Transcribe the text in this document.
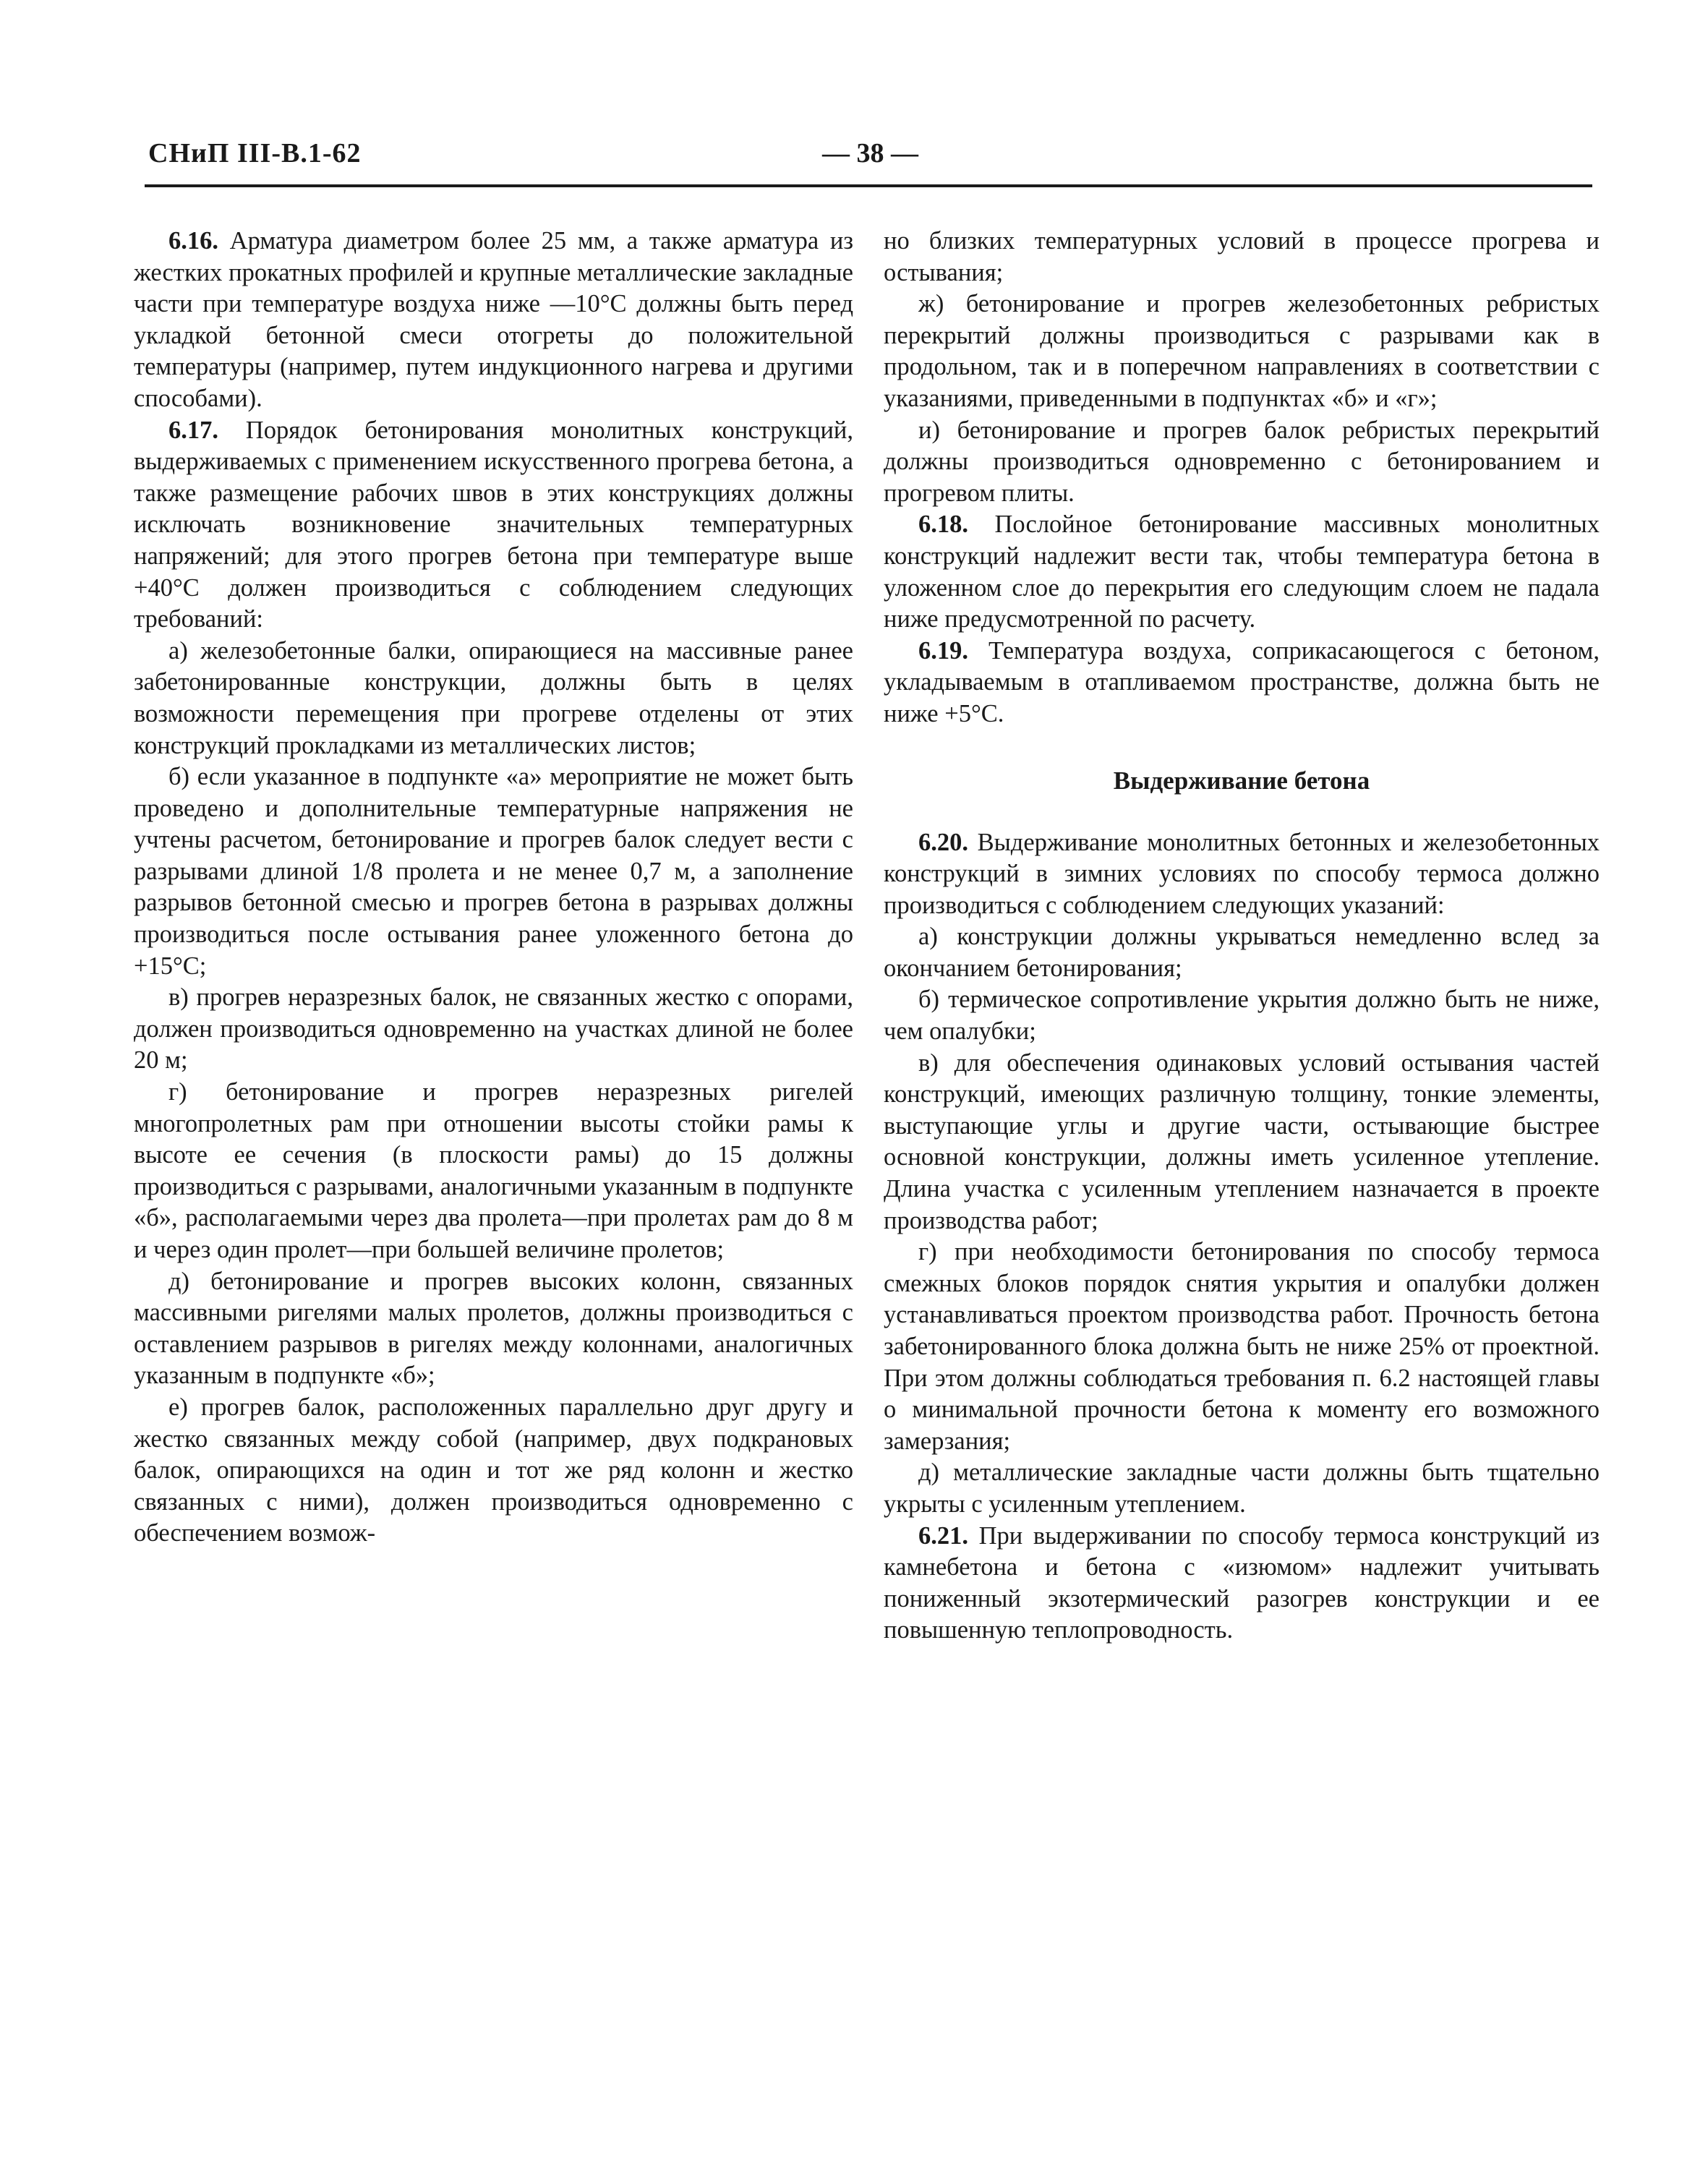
СНиП III-В.1-62	— 38 —

6.16. Арматура диаметром более 25 мм, а также арматура из жестких прокатных профилей и крупные металлические закладные части при температуре воздуха ниже —10°С должны быть перед укладкой бетонной смеси отогреты до положительной температуры (например, путем индукционного нагрева и другими способами).

6.17. Порядок бетонирования монолитных конструкций, выдерживаемых с применением искусственного прогрева бетона, а также размещение рабочих швов в этих конструкциях должны исключать возникновение значительных температурных напряжений; для этого прогрев бетона при температуре выше +40°С должен производиться с соблюдением следующих требований:

а) железобетонные балки, опирающиеся на массивные ранее забетонированные конструкции, должны быть в целях возможности перемещения при прогреве отделены от этих конструкций прокладками из металлических листов;

б) если указанное в подпункте «а» мероприятие не может быть проведено и дополнительные температурные напряжения не учтены расчетом, бетонирование и прогрев балок следует вести с разрывами длиной 1/8 пролета и не менее 0,7 м, а заполнение разрывов бетонной смесью и прогрев бетона в разрывах должны производиться после остывания ранее уложенного бетона до +15°С;

в) прогрев неразрезных балок, не связанных жестко с опорами, должен производиться одновременно на участках длиной не более 20 м;

г) бетонирование и прогрев неразрезных ригелей многопролетных рам при отношении высоты стойки рамы к высоте ее сечения (в плоскости рамы) до 15 должны производиться с разрывами, аналогичными указанным в подпункте «б», располагаемыми через два пролета—при пролетах рам до 8 м и через один пролет—при большей величине пролетов;

д) бетонирование и прогрев высоких колонн, связанных массивными ригелями малых пролетов, должны производиться с оставлением разрывов в ригелях между колоннами, аналогичных указанным в подпункте «б»;

е) прогрев балок, расположенных параллельно друг другу и жестко связанных между собой (например, двух подкрановых балок, опирающихся на один и тот же ряд колонн и жестко связанных с ними), должен производиться одновременно с обеспечением возмож-

но близких температурных условий в процессе прогрева и остывания;

ж) бетонирование и прогрев железобетонных ребристых перекрытий должны производиться с разрывами как в продольном, так и в поперечном направлениях в соответствии с указаниями, приведенными в подпунктах «б» и «г»;

и) бетонирование и прогрев балок ребристых перекрытий должны производиться одновременно с бетонированием и прогревом плиты.

6.18. Послойное бетонирование массивных монолитных конструкций надлежит вести так, чтобы температура бетона в уложенном слое до перекрытия его следующим слоем не падала ниже предусмотренной по расчету.

6.19. Температура воздуха, соприкасающегося с бетоном, укладываемым в отапливаемом пространстве, должна быть не ниже +5°С.

Выдерживание бетона

6.20. Выдерживание монолитных бетонных и железобетонных конструкций в зимних условиях по способу термоса должно производиться с соблюдением следующих указаний:

а) конструкции должны укрываться немедленно вслед за окончанием бетонирования;

б) термическое сопротивление укрытия должно быть не ниже, чем опалубки;

в) для обеспечения одинаковых условий остывания частей конструкций, имеющих различную толщину, тонкие элементы, выступающие углы и другие части, остывающие быстрее основной конструкции, должны иметь усиленное утепление. Длина участка с усиленным утеплением назначается в проекте производства работ;

г) при необходимости бетонирования по способу термоса смежных блоков порядок снятия укрытия и опалубки должен устанавливаться проектом производства работ. Прочность бетона забетонированного блока должна быть не ниже 25% от проектной. При этом должны соблюдаться требования п. 6.2 настоящей главы о минимальной прочности бетона к моменту его возможного замерзания;

д) металлические закладные части должны быть тщательно укрыты с усиленным утеплением.

6.21. При выдерживании по способу термоса конструкций из камнебетона и бетона с «изюмом» надлежит учитывать пониженный экзотермический разогрев конструкции и ее повышенную теплопроводность.
